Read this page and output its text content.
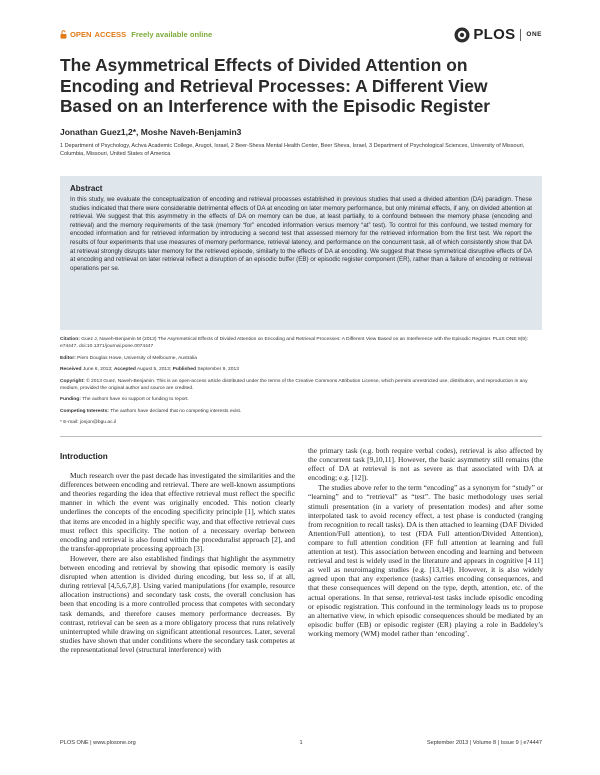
OPEN ACCESS Freely available online	PLOS ONE
The Asymmetrical Effects of Divided Attention on Encoding and Retrieval Processes: A Different View Based on an Interference with the Episodic Register

Jonathan Guez1,2*, Moshe Naveh-Benjamin3

1 Department of Psychology, Achva Academic College, Arugot, Israel, 2 Beer-Sheva Mental Health Center, Beer Sheva, Israel, 3 Department of Psychological Sciences, University of Missouri, Columbia, Missouri, United States of America

Abstract

In this study, we evaluate the conceptualization of encoding and retrieval processes established in previous studies that used a divided attention (DA) paradigm. These studies indicated that there were considerable detrimental effects of DA at encoding on later memory performance, but only minimal effects, if any, on divided attention at retrieval. We suggest that this asymmetry in the effects of DA on memory can be due, at least partially, to a confound between the memory phase (encoding and retrieval) and the memory requirements of the task (memory “for” encoded information versus memory “at” test). To control for this confound, we tested memory for encoded information and for retrieved information by introducing a second test that assessed memory for the retrieved information from the first test. We report the results of four experiments that use measures of memory performance, retrieval latency, and performance on the concurrent task, all of which consistently show that DA at retrieval strongly disrupts later memory for the retrieved episode, similarly to the effects of DA at encoding. We suggest that these symmetrical disruptive effects of DA at encoding and retrieval on later retrieval reflect a disruption of an episodic buffer (EB) or episodic register component (ER), rather than a failure of encoding or retrieval operations per se.

Citation: Guez J, Naveh-Benjamin M (2013) The Asymmetrical Effects of Divided Attention on Encoding and Retrieval Processes: A Different View Based on an Interference with the Episodic Register. PLoS ONE 8(9): e74447. doi:10.1371/journal.pone.0074447

Editor: Piers Douglas Howe, University of Melbourne, Australia

Received June 6, 2013; Accepted August 5, 2013; Published September 9, 2013

Copyright: © 2013 Guez, Naveh-Benjamin. This is an open-access article distributed under the terms of the Creative Commons Attribution License, which permits unrestricted use, distribution, and reproduction in any medium, provided the original author and source are credited.

Funding: The authors have no support or funding to report.

Competing Interests: The authors have declared that no competing interests exist.

* E-mail: jonjon@bgu.ac.il

Introduction

Much research over the past decade has investigated the similarities and the differences between encoding and retrieval. There are well-known assumptions and theories regarding the idea that effective retrieval must reflect the specific manner in which the event was originally encoded. This notion clearly underlines the concepts of the encoding specificity principle [1], which states that items are encoded in a highly specific way, and that effective retrieval cues must reflect this specificity. The notion of a necessary overlap between encoding and retrieval is also found within the proceduralist approach [2], and the transfer-appropriate processing approach [3].

However, there are also established findings that highlight the asymmetry between encoding and retrieval by showing that episodic memory is easily disrupted when attention is divided during encoding, but less so, if at all, during retrieval [4,5,6,7,8]. Using varied manipulations (for example, resource allocation instructions) and secondary task costs, the overall conclusion has been that encoding is a more controlled process that competes with secondary task demands, and therefore causes memory performance decreases. By contrast, retrieval can be seen as a more obligatory process that runs relatively uninterrupted while drawing on significant attentional resources. Later, several studies have shown that under conditions where the secondary task competes at the representational level (structural interference) with

the primary task (e.g. both require verbal codes), retrieval is also affected by the concurrent task [9,10,11]. However, the basic asymmetry still remains (the effect of DA at retrieval is not as severe as that associated with DA at encoding; e.g. [12]).

The studies above refer to the term “encoding” as a synonym for “study” or “learning” and to “retrieval” as “test”. The basic methodology uses serial stimuli presentation (in a variety of presentation modes) and after some interpolated task to avoid recency effect, a test phase is conducted (ranging from recognition to recall tasks). DA is then attached to learning (DAF Divided Attention/Full attention), to test (FDA Full attention/Divided Attention), compare to full attention condition (FF full attention at learning and full attention at test). This association between encoding and learning and between retrieval and test is widely used in the literature and appears in cognitive [4 11] as well as neuroimaging studies (e.g. [13,14]). However, it is also widely agreed upon that any experience (tasks) carries encoding consequences, and that these consequences will depend on the type, depth, attention, etc. of the actual operations. In that sense, retrieval-test tasks include episodic encoding or episodic registration. This confound in the terminology leads us to propose an alternative view, in which episodic consequences should be mediated by an episodic buffer (EB) or episodic register (ER) playing a role in Baddeley’s working memory (WM) model rather than ‘encoding’.

PLOS ONE | www.plosone.org	1	September 2013 | Volume 8 | Issue 9 | e74447
